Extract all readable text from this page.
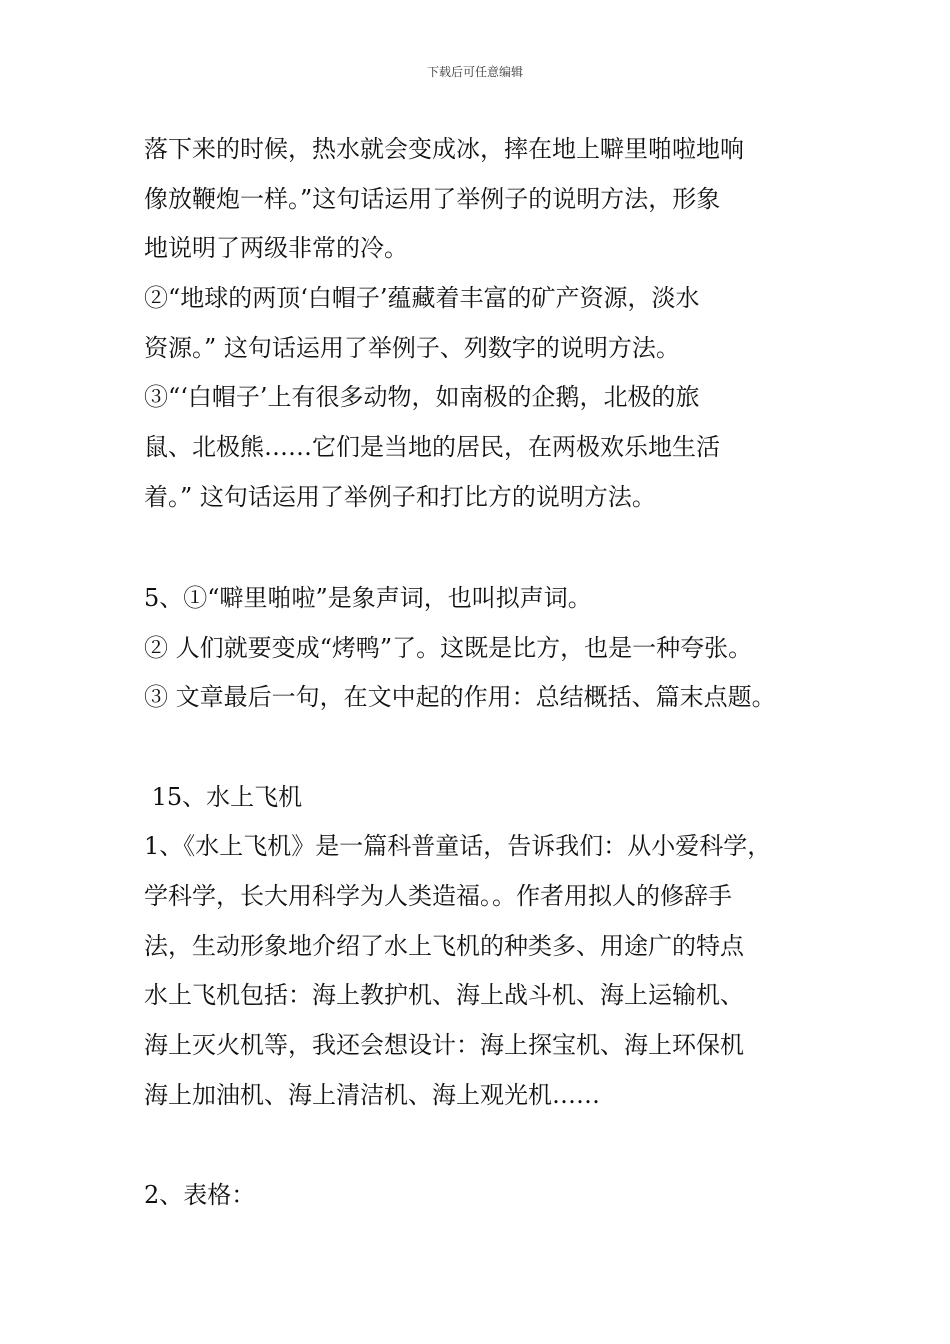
下载后可任意编辑
落下来的时候，热水就会变成冰，摔在地上噼里啪啦地响
像放鞭炮一样。”这句话运用了举例子的说明方法，形象
地说明了两级非常的冷。
②“地球的两顶‘白帽子’蕴藏着丰富的矿产资源，淡水
资源。” 这句话运用了举例子、列数字的说明方法。
③“‘白帽子’上有很多动物，如南极的企鹅，北极的旅
鼠、北极熊……它们是当地的居民，在两极欢乐地生活
着。” 这句话运用了举例子和打比方的说明方法。
5、①“噼里啪啦”是象声词，也叫拟声词。
② 人们就要变成“烤鸭”了。这既是比方，也是一种夸张。
③ 文章最后一句，在文中起的作用：总结概括、篇末点题。
15、水上飞机
1、《水上飞机》是一篇科普童话，告诉我们：从小爱科学，
学科学，长大用科学为人类造福。。作者用拟人的修辞手
法，生动形象地介绍了水上飞机的种类多、用途广的特点
水上飞机包括：海上教护机、海上战斗机、海上运输机、
海上灭火机等，我还会想设计：海上探宝机、海上环保机
海上加油机、海上清洁机、海上观光机……
2、表格：
